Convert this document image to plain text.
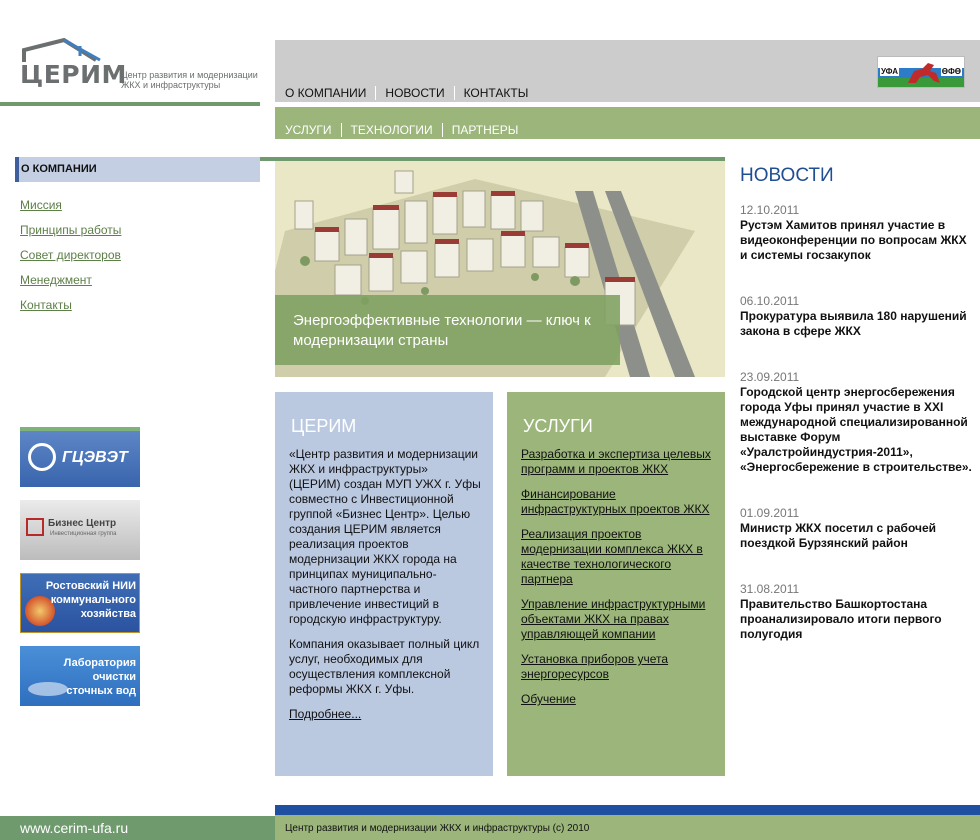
ЦЕРИМ
Центр развития и модернизации ЖКХ и инфраструктуры
О КОМПАНИИ	НОВОСТИ	КОНТАКТЫ
УФА	ӨФӨ
УСЛУГИ	ТЕХНОЛОГИИ	ПАРТНЕРЫ
О КОМПАНИИ
Миссия
Принципы работы
Совет директоров
Менеджмент
Контакты
ГЦЭВЭТ
Бизнес Центр
Инвестиционная группа
Ростовский НИИ
коммунального
хозяйства
Лаборатория
очистки
сточных вод
Энергоэффективные технологии — ключ к модернизации страны
ЦЕРИМ

«Центр развития и модернизации ЖКХ и инфраструктуры» (ЦЕРИМ) создан МУП УЖХ г. Уфы совместно с Инвестиционной группой «Бизнес Центр». Целью создания ЦЕРИМ является реализация проектов модернизации ЖКХ города на принципах муниципально-частного партнерства и привлечение инвестиций в городскую инфраструктуру.

Компания оказывает полный цикл услуг, необходимых для осуществления комплексной реформы ЖКХ г. Уфы.

Подробнее...
УСЛУГИ
Разработка и экспертиза целевых программ и проектов ЖКХ
Финансирование инфраструктурных проектов ЖКХ
Реализация проектов модернизации комплекса ЖКХ в качестве технологического партнера
Управление инфраструктурными объектами ЖКХ на правах управляющей компании
Установка приборов учета энергоресурсов
Обучение
НОВОСТИ
12.10.2011
Рустэм Хамитов принял участие в видеоконференции по вопросам ЖКХ и системы госзакупок
06.10.2011
Прокуратура выявила 180 нарушений закона в сфере ЖКХ
23.09.2011
Городской центр энергосбережения города Уфы принял участие в XXI международной специализированной выставке Форум «Уралстройиндустрия-2011», «Энергосбережение в строительстве».
01.09.2011
Министр ЖКХ посетил с рабочей поездкой Бурзянский район
31.08.2011
Правительство Башкортостана проанализировало итоги первого полугодия
www.cerim-ufa.ru	Центр развития и модернизации ЖКХ и инфраструктуры (с) 2010
